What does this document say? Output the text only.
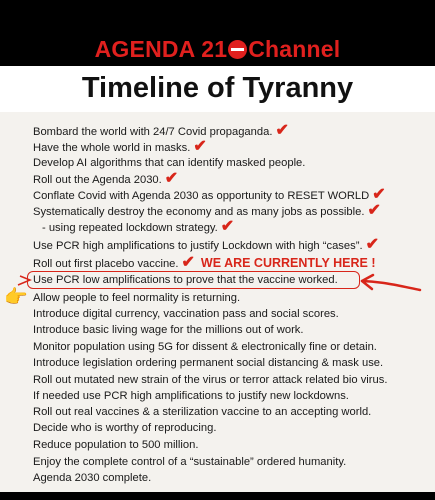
AGENDA 21 Channel
Timeline of Tyranny
Bombard the world with 24/7 Covid propaganda. ✔
Have the whole world in masks. ✔
Develop AI algorithms that can identify masked people.
Roll out the Agenda 2030. ✔
Conflate Covid with Agenda 2030 as opportunity to RESET WORLD ✔
Systematically destroy the economy and as many jobs as possible. ✔
- using repeated lockdown strategy. ✔
Use PCR high amplifications to justify Lockdown with high “cases”. ✔
Roll out first placebo vaccine. ✔ WE ARE CURRENTLY HERE !
Use PCR low amplifications to prove that the vaccine worked.
Allow people to feel normality is returning.
Introduce digital currency, vaccination pass and social scores.
Introduce basic living wage for the millions out of work.
Monitor population using 5G for dissent & electronically fine or detain.
Introduce legislation ordering permanent social distancing & mask use.
Roll out mutated new strain of the virus or terror attack related bio virus.
If needed use PCR high amplifications to justify new lockdowns.
Roll out real vaccines & a sterilization vaccine to an accepting world.
Decide who is worthy of reproducing.
Reduce population to 500 million.
Enjoy the complete control of a “sustainable” ordered humanity.
Agenda 2030 complete.
👉
